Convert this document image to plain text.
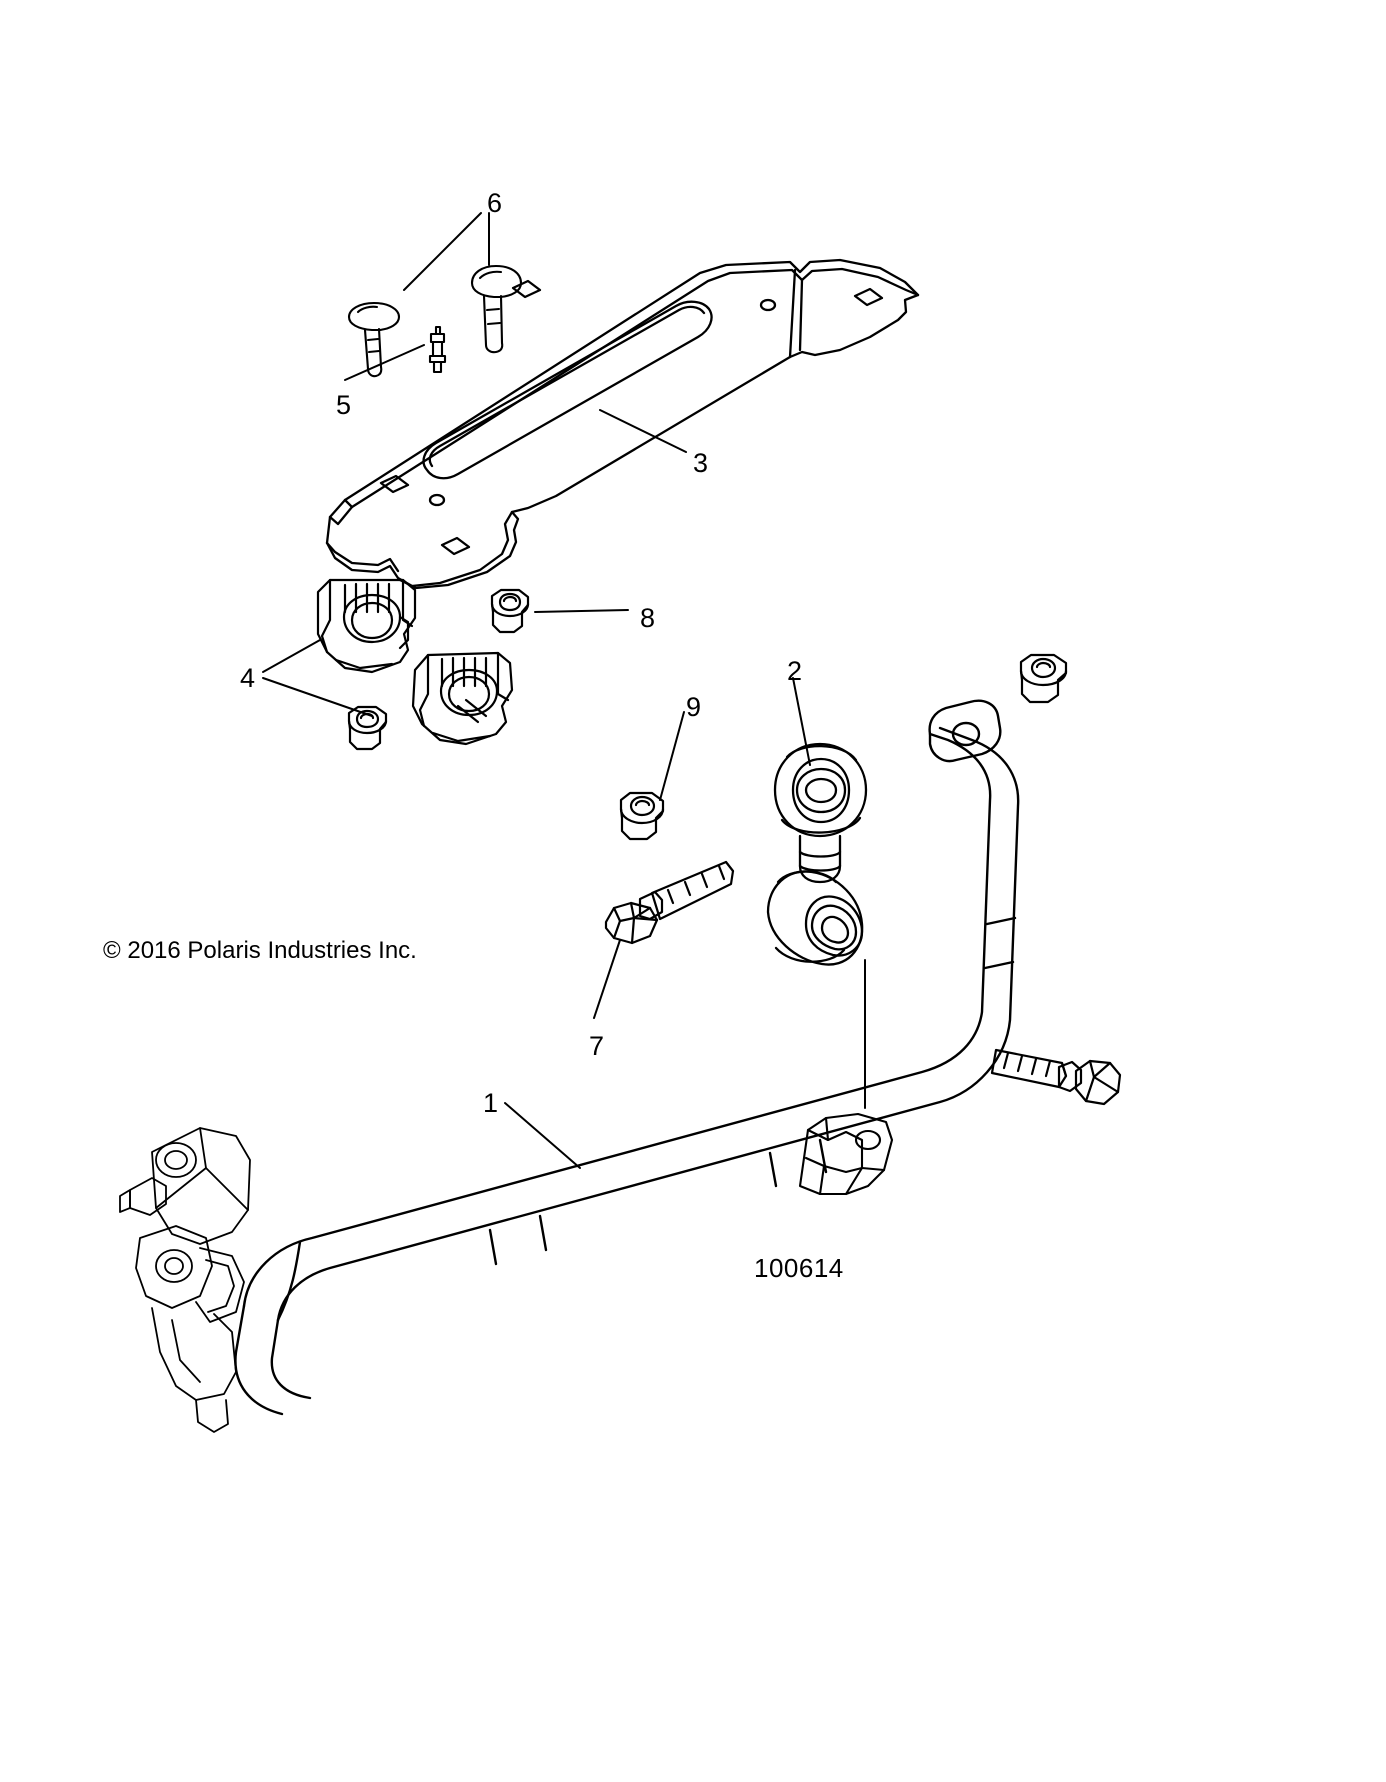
1
2
3
4
5
6
7
8
9
© 2016 Polaris Industries Inc.
100614
